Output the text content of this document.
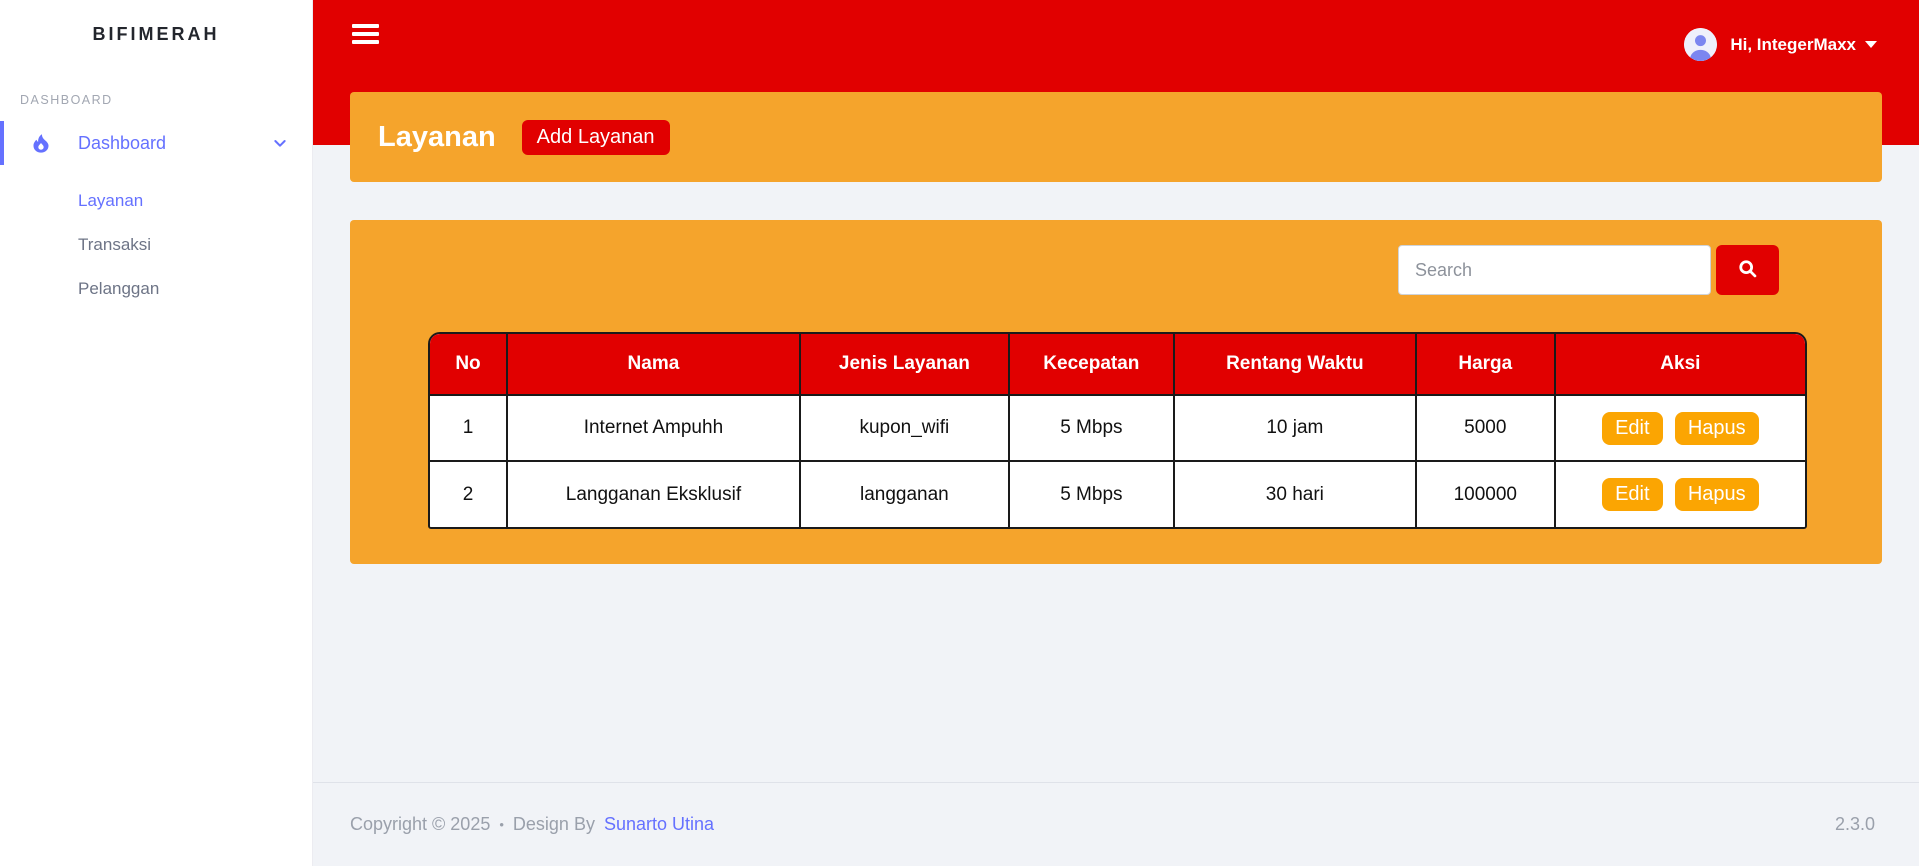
BIFIMERAH
DASHBOARD
Dashboard
Layanan
Transaksi
Pelanggan
Hi, IntegerMaxx
Layanan	Add Layanan
Search
No	Nama	Jenis Layanan	Kecepatan	Rentang Waktu	Harga	Aksi
1	Internet Ampuhh	kupon_wifi	5 Mbps	10 jam	5000	Edit Hapus
2	Langganan Eksklusif	langganan	5 Mbps	30 hari	100000	Edit Hapus
Copyright © 2025 • Design By Sunarto Utina	2.3.0
